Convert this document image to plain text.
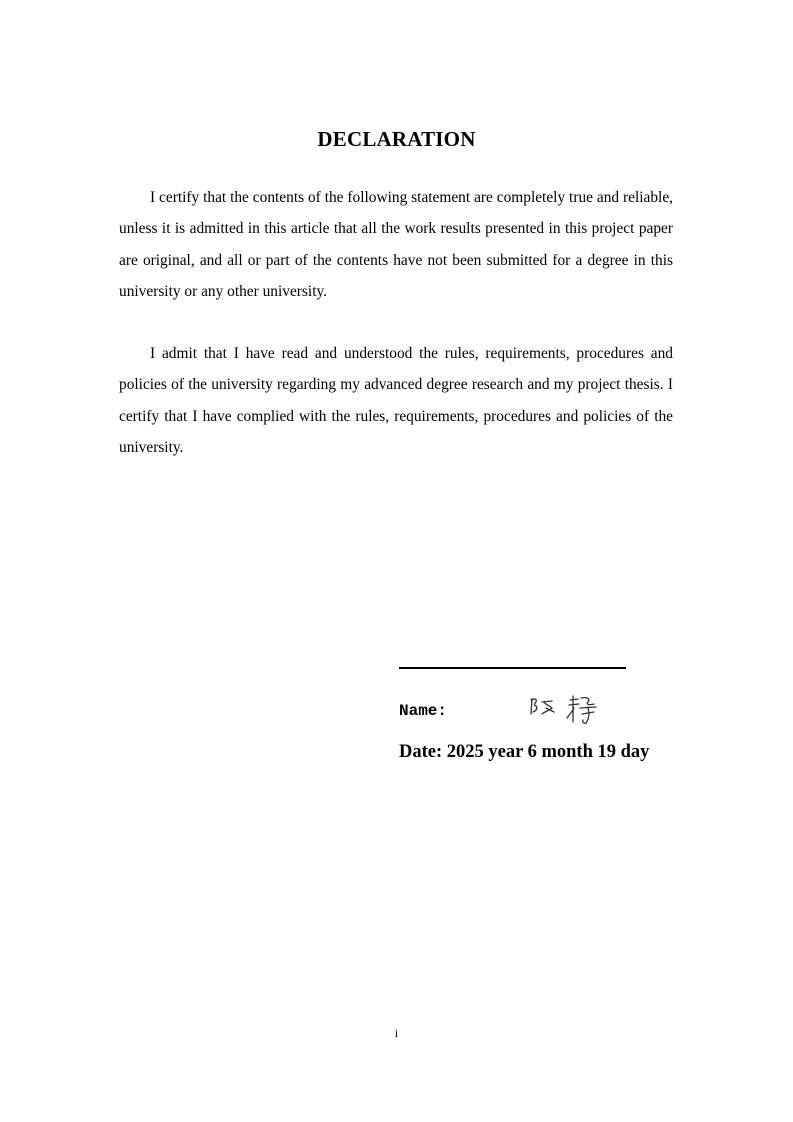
DECLARATION

I certify that the contents of the following statement are completely true and reliable, unless it is admitted in this article that all the work results presented in this project paper are original, and all or part of the contents have not been submitted for a degree in this university or any other university.

I admit that I have read and understood the rules, requirements, procedures and policies of the university regarding my advanced degree research and my project thesis. I certify that I have complied with the rules, requirements, procedures and policies of the university.

Name:
Date: 2025 year 6 month 19 day
i
